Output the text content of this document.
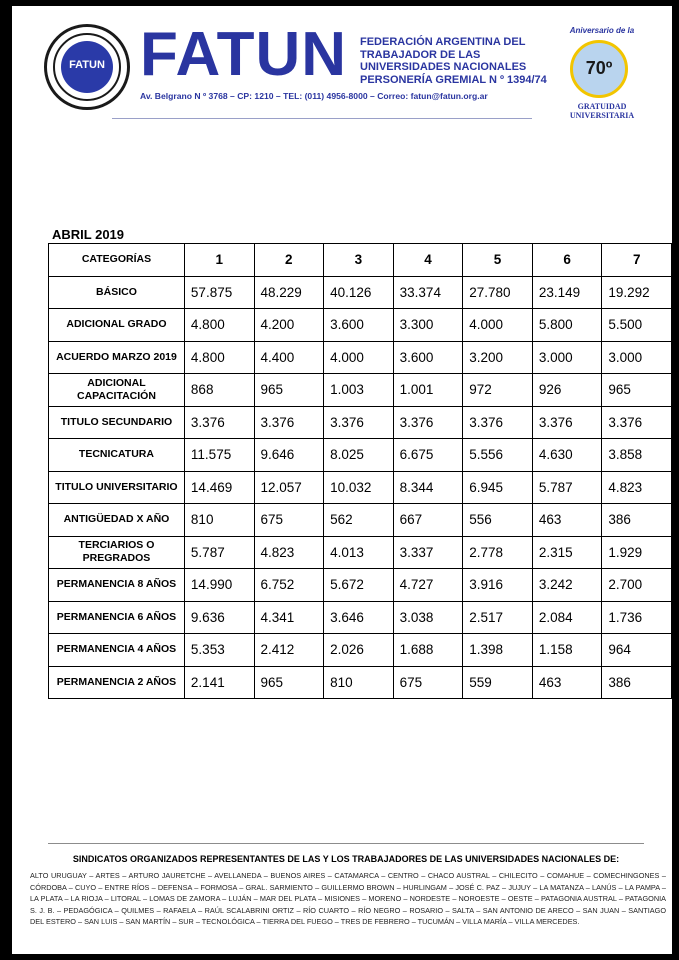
FATUN FATUN FEDERACIÓN ARGENTINA DEL
TRABAJADOR DE LAS
UNIVERSIDADES NACIONALES
PERSONERÍA GREMIAL N º 1394/74
Av. Belgrano N º 3768 – CP: 1210 – TEL: (011) 4956-8000 – Correo: fatun@fatun.org.ar
Aniversario de la
70º
GRATUIDAD UNIVERSITARIA
ABRIL 2019
CATEGORÍAS	1	2	3	4	5	6	7
BÁSICO	57.875	48.229	40.126	33.374	27.780	23.149	19.292
ADICIONAL GRADO	4.800	4.200	3.600	3.300	4.000	5.800	5.500
ACUERDO MARZO 2019	4.800	4.400	4.000	3.600	3.200	3.000	3.000
ADICIONAL CAPACITACIÓN	868	965	1.003	1.001	972	926	965
TITULO SECUNDARIO	3.376	3.376	3.376	3.376	3.376	3.376	3.376
TECNICATURA	11.575	9.646	8.025	6.675	5.556	4.630	3.858
TITULO UNIVERSITARIO	14.469	12.057	10.032	8.344	6.945	5.787	4.823
ANTIGÜEDAD X AÑO	810	675	562	667	556	463	386
TERCIARIOS O PREGRADOS	5.787	4.823	4.013	3.337	2.778	2.315	1.929
PERMANENCIA 8 AÑOS	14.990	6.752	5.672	4.727	3.916	3.242	2.700
PERMANENCIA 6 AÑOS	9.636	4.341	3.646	3.038	2.517	2.084	1.736
PERMANENCIA 4 AÑOS	5.353	2.412	2.026	1.688	1.398	1.158	964
PERMANENCIA 2 AÑOS	2.141	965	810	675	559	463	386
SINDICATOS ORGANIZADOS REPRESENTANTES DE LAS Y LOS TRABAJADORES DE LAS UNIVERSIDADES NACIONALES DE:
ALTO URUGUAY – ARTES – ARTURO JAURETCHE – AVELLANEDA – BUENOS AIRES – CATAMARCA – CENTRO – CHACO AUSTRAL – CHILECITO – COMAHUE – COMECHINGONES – CÓRDOBA – CUYO – ENTRE RÍOS – DEFENSA – FORMOSA – GRAL. SARMIENTO – GUILLERMO BROWN – HURLINGAM – JOSÉ C. PAZ – JUJUY – LA MATANZA – LANÚS – LA PAMPA – LA PLATA – LA RIOJA – LITORAL – LOMAS DE ZAMORA – LUJÁN – MAR DEL PLATA – MISIONES – MORENO – NORDESTE – NOROESTE – OESTE – PATAGONIA AUSTRAL – PATAGONIA S. J. B. – PEDAGÓGICA – QUILMES – RAFAELA – RAÚL SCALABRINI ORTIZ – RÍO CUARTO – RÍO NEGRO – ROSARIO – SALTA – SAN ANTONIO DE ARECO – SAN JUAN – SANTIAGO DEL ESTERO – SAN LUIS – SAN MARTÍN – SUR – TECNOLÓGICA – TIERRA DEL FUEGO – TRES DE FEBRERO – TUCUMÁN – VILLA MARÍA – VILLA MERCEDES.
